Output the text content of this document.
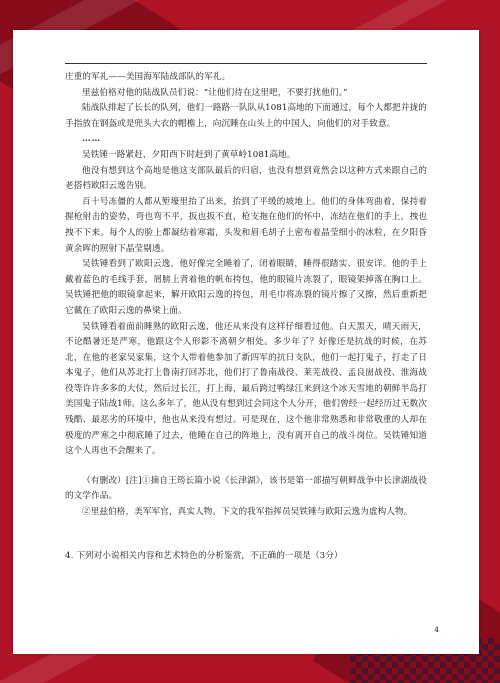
庄重的军礼——美国海军陆战部队的军礼。

里兹伯格对他的陆战队员们说：“让他们待在这里吧，不要打扰他们。”

陆战队排起了长长的队列，他们一路路一队队从1081高地的下面通过，每个人都把并拢的手指放在钢盔或是兜头大衣的帽檐上，向沉睡在山头上的中国人，向他们的对手致意。

……

吴铁锤一路紧赶，夕阳西下时赶到了黄草岭1081高地。

他没有想到这个高地是他这支部队最后的归宿，也没有想到竟然会以这种方式来跟自己的老搭档欧阳云逸告别。

百十号冻僵的人都从堑壕里抬了出来，抬到了平缓的坡地上。他们的身体弯曲着，保持着握枪射击的姿势，弯也弯不平，扳也扳不直，枪支拖在他们的怀中，冻结在他们的手上，拽也拽不下来。每个人的脸上都凝结着寒霜，头发和眉毛胡子上密布着晶莹细小的冰粒，在夕阳昏黄余晖的照射下晶莹剔透。

吴铁锤看到了欧阳云逸，他好像完全睡着了，闭着眼睛，睡得很踏实、很安详。他的手上戴着蓝色的毛线手套，屑膀上背着他的帆布挎包，他的眼镜片冻裂了，眼镜架掉落在胸口上。吴铁锤把他的眼镜拿起来，解开欧阳云逸的挎包，用毛巾将冻裂的镜片擦了又擦，然后重新把它戴在了欧阳云逸的鼻梁上面。

吴铁锤看着面前睡熟的欧阳云逸，他还从来没有这样仔细看过他。白天黑天，晴天雨天，不论酷暑还是严寒，他跟这个人形影不离朝夕相处。多少年了？好像还是抗战的时候，在苏北，在他的老家吴家集，这个人带着他参加了新四军的抗日支队，他们一起打鬼子，打走了日本鬼子，他们从苏北打上鲁南打回苏北，他们打了鲁南战役、莱芜战役、孟良崮战役、淮海战役等许许多多的大仗，然后过长江，打上海，最后跨过鸭绿江来到这个冰天雪地的朝鲜半岛打美国鬼子陆战1师。这么多年了，他从没有想到过会同这个人分开，他们曾经一起经历过无数次残酷、最恶劣的环境中，他也从来没有想过。可是现在，这个他非常熟悉和非常敬重的人却在极度的严寒之中彻底睡了过去，他睡在自己的阵地上，没有离开自己的战斗岗位。吴铁锤知道这个人再也不会醒来了。

（有删改）[注]①摘自王筠长篇小说《长津湖》，该书是第一部描写朝鲜战争中长津湖战役的文学作品。

②里兹伯格，美军军官，真实人物。下文的我军指挥员吴铁锤与欧阳云逸为虚构人物。

4. 下列对小说相关内容和艺术特色的分析鉴赏，不正确的一项是（3分）

4
